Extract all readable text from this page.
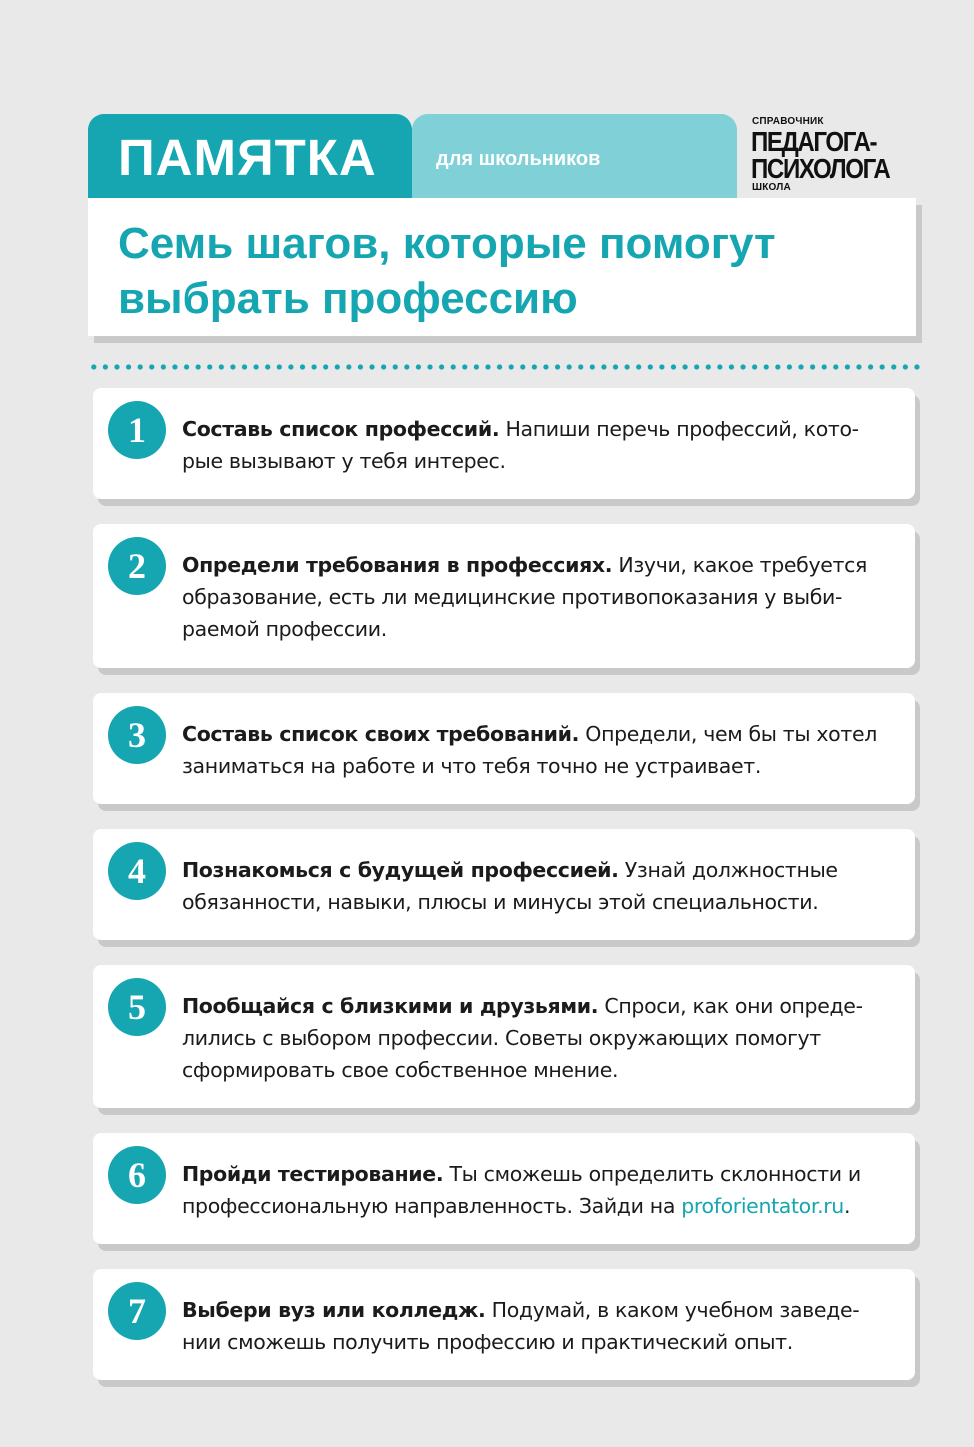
ПАМЯТКА	для школьников
СПРАВОЧНИК
ПЕДАГОГА-
ПСИХОЛОГА
ШКОЛА
Семь шагов, которые помогут
выбрать профессию
1	Составь список профессий. Напиши перечь профессий, кото-
рые вызывают у тебя интерес.
2	Определи требования в профессиях. Изучи, какое требуется
образование, есть ли медицинские противопоказания у выби-
раемой профессии.
3	Составь список своих требований. Определи, чем бы ты хотел
заниматься на работе и что тебя точно не устраивает.
4	Познакомься с будущей профессией. Узнай должностные
обязанности, навыки, плюсы и минусы этой специальности.
5	Пообщайся с близкими и друзьями. Спроси, как они опреде-
лились с выбором профессии. Советы окружающих помогут
сформировать свое собственное мнение.
6	Пройди тестирование. Ты сможешь определить склонности и
профессиональную направленность. Зайди на proforientator.ru.
7	Выбери вуз или колледж. Подумай, в каком учебном заведе-
нии сможешь получить профессию и практический опыт.
